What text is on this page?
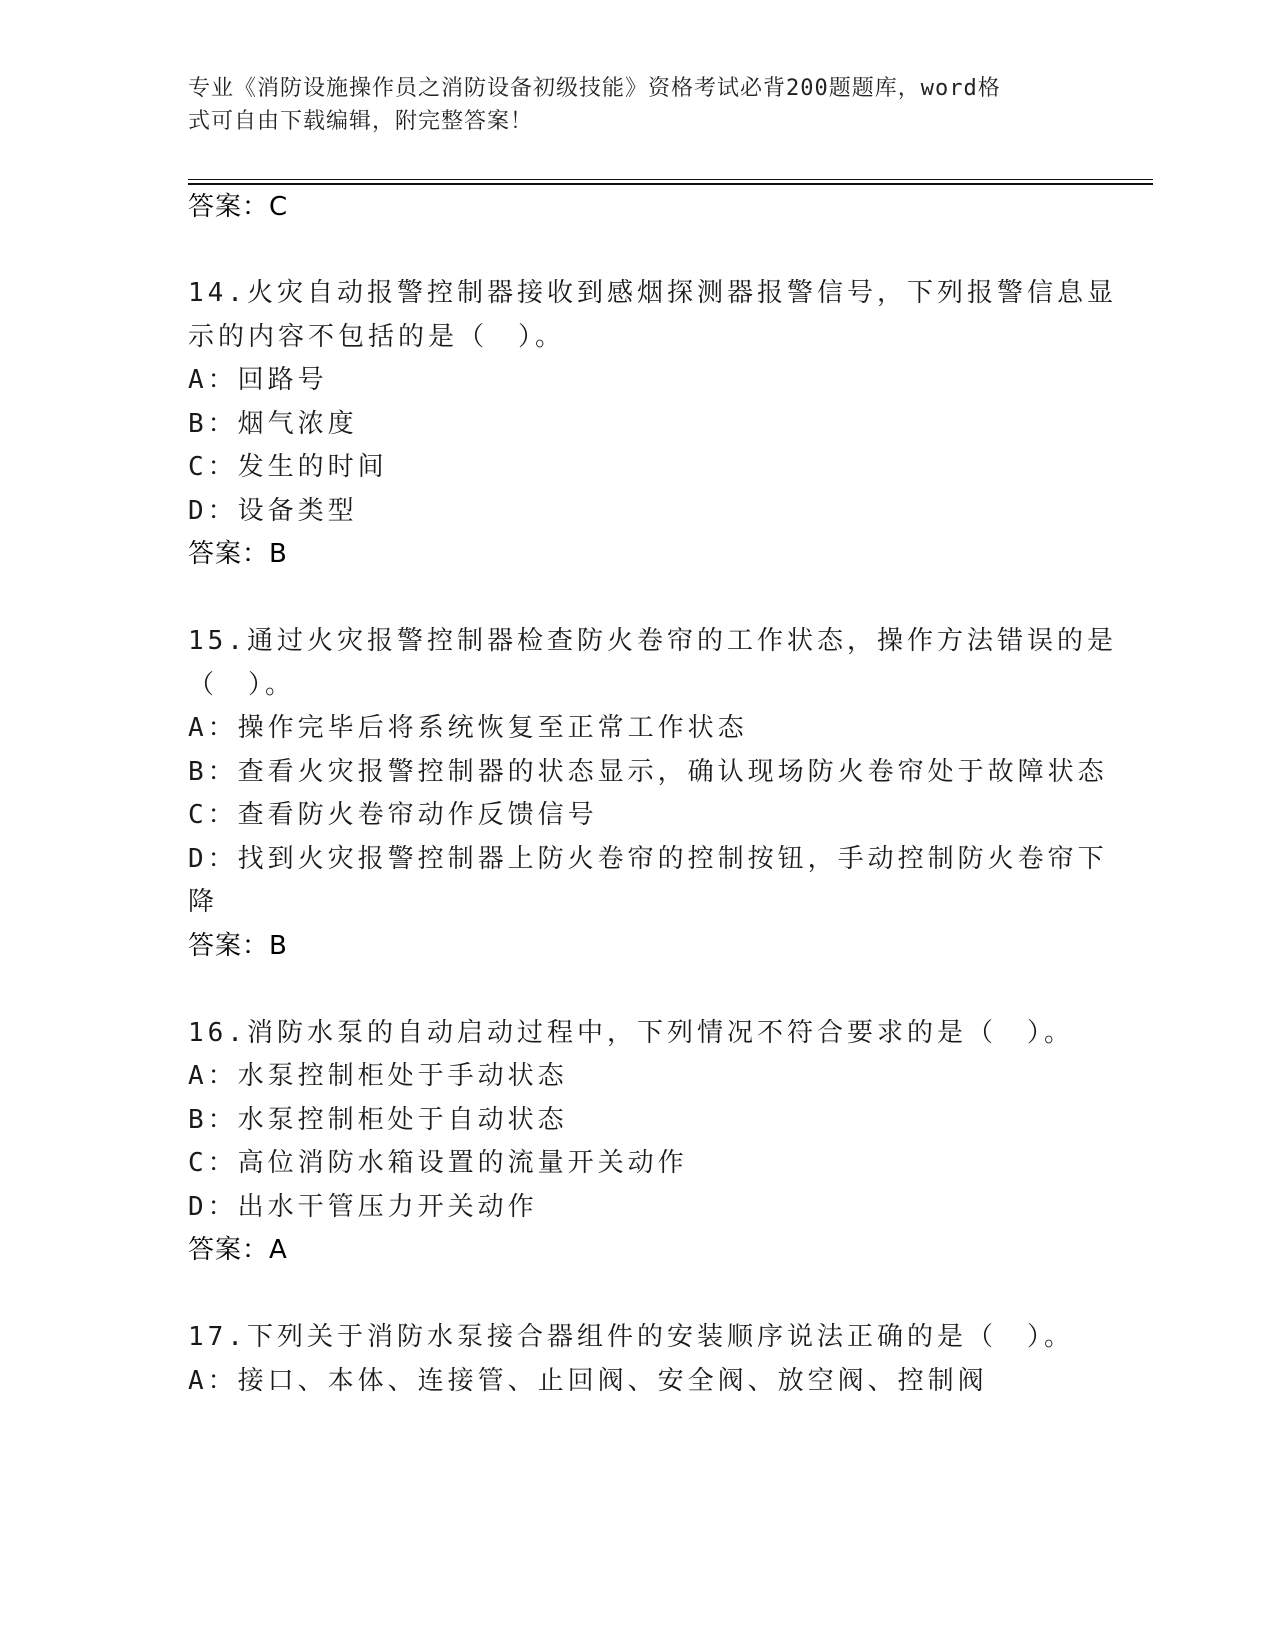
专业《消防设施操作员之消防设备初级技能》资格考试必背200题题库，word格
式可自由下载编辑，附完整答案！
答案：C
14.火灾自动报警控制器接收到感烟探测器报警信号，下列报警信息显
示的内容不包括的是（　）。
A：回路号
B：烟气浓度
C：发生的时间
D：设备类型
答案：B
15.通过火灾报警控制器检查防火卷帘的工作状态，操作方法错误的是
（　）。
A：操作完毕后将系统恢复至正常工作状态
B：查看火灾报警控制器的状态显示，确认现场防火卷帘处于故障状态
C：查看防火卷帘动作反馈信号
D：找到火灾报警控制器上防火卷帘的控制按钮，手动控制防火卷帘下
降
答案：B
16.消防水泵的自动启动过程中，下列情况不符合要求的是（　）。
A：水泵控制柜处于手动状态
B：水泵控制柜处于自动状态
C：高位消防水箱设置的流量开关动作
D：出水干管压力开关动作
答案：A
17.下列关于消防水泵接合器组件的安装顺序说法正确的是（　）。
A：接口、本体、连接管、止回阀、安全阀、放空阀、控制阀
